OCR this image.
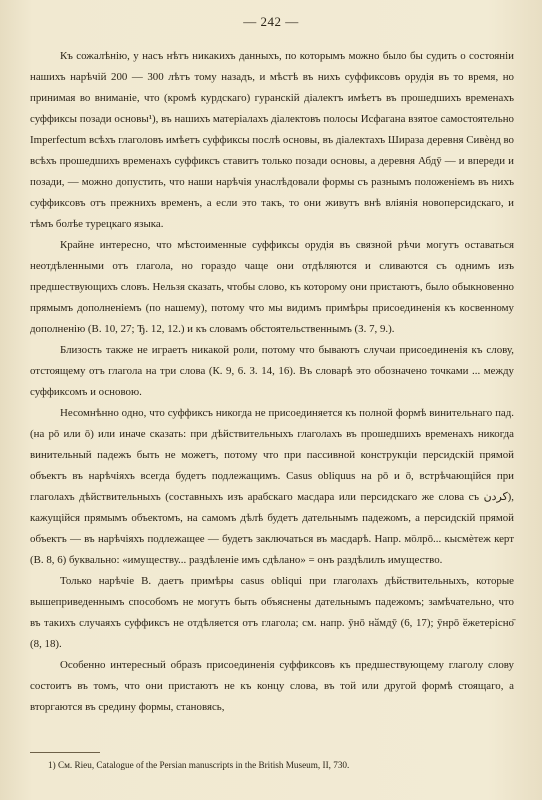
— 242 —

Къ сожалѣнію, у насъ нѣтъ никакихъ данныхъ, по которымъ можно было бы судить о состояніи нашихъ нарѣчій 200 — 300 лѣтъ тому назадъ, и мѣстѣ въ нихъ суффиксовъ орудія въ то время, но принимая во вниманіе, что (кромѣ курдскаго) гуранскій діалектъ имѣетъ въ прошедшихъ временахъ суффиксы позади основы¹), въ нашихъ матеріалахъ діалектовъ полосы Исфагана взятое самостоятельно Imperfectum всѣхъ глаголовъ имѣетъ суффиксы послѣ основы, въ діалектахъ Шираза деревня Сивѐнд во всѣхъ прошедшихъ временахъ суффиксъ ставитъ только позади основы, а деревня Абдӯ — и впереди и позади, — можно допустить, что наши нарѣчія унаслѣдовали формы съ разнымъ положеніемъ въ нихъ суффиксовъ отъ прежнихъ временъ, а если это такъ, то они живутъ внѣ вліянія новоперсидскаго, и тѣмъ болѣе турецкаго языка.

Крайне интересно, что мѣстоименные суффиксы орудія въ связной рѣчи могутъ оставаться неотдѣленными отъ глагола, но гораздо чаще они отдѣляются и сливаются съ однимъ изъ предшествующихъ словъ. Нельзя сказать, чтобы слово, къ которому они пристаютъ, было обыкновенно прямымъ дополненіемъ (по нашему), потому что мы видимъ примѣры присоединенія къ косвенному дополненію (В. 10, 27; Ђ. 12, 12.) и къ словамъ обстоятельственнымъ (З. 7, 9.).

Близость также не играетъ никакой роли, потому что бываютъ случаи присоединенія къ слову, отстоящему отъ глагола на три слова (К. 9, 6. З. 14, 16). Въ словарѣ это обозначено точками ... между суффиксомъ и основою.

Несомнѣнно одно, что суффиксъ никогда не присоединяется къ полной формѣ винительнаго пад. (на рō или ō) или иначе сказать: при дѣйствительныхъ глаголахъ въ прошедшихъ временахъ никогда винительный падежъ быть не можетъ, потому что при пассивной конструкціи персидскій прямой объектъ въ нарѣчіяхъ всегда будетъ подлежащимъ. Casus obliquus на рō и ō, встрѣчающійся при глаголахъ дѣйствительныхъ (составныхъ изъ арабскаго масдара или персидскаго же слова съ کردن), кажущійся прямымъ объектомъ, на самомъ дѣлѣ будетъ дательнымъ падежомъ, а персидскій прямой объектъ — въ нарѣчіяхъ подлежащее — будетъ заключаться въ масдарѣ. Напр. мӧлрō... кысмѐтеж керт (В. 8, 6) буквально: «имуществу... раздѣленіе имъ сдѣлано» = онъ раздѣлилъ имущество.

Только нарѣчіе В. даетъ примѣры casus obliqui при глаголахъ дѣйствительныхъ, которые вышеприведеннымъ способомъ не могутъ быть объяснены дательнымъ падежомъ; замѣчательно, что въ такихъ случаяхъ суффиксъ не отдѣляется отъ глагола; см. напр. ӯнō нӑмдӯ (6, 17); ӯнрō ӗжетерісно̄ (8, 18).

Особенно интересный образъ присоединенія суффиксовъ къ предшествующему глаголу слову состоитъ въ томъ, что они пристаютъ не къ концу слова, въ той или другой формѣ стоящаго, а вторгаются въ средину формы, становясь,

1) См. Rieu, Catalogue of the Persian manuscripts in the British Museum, II, 730.
